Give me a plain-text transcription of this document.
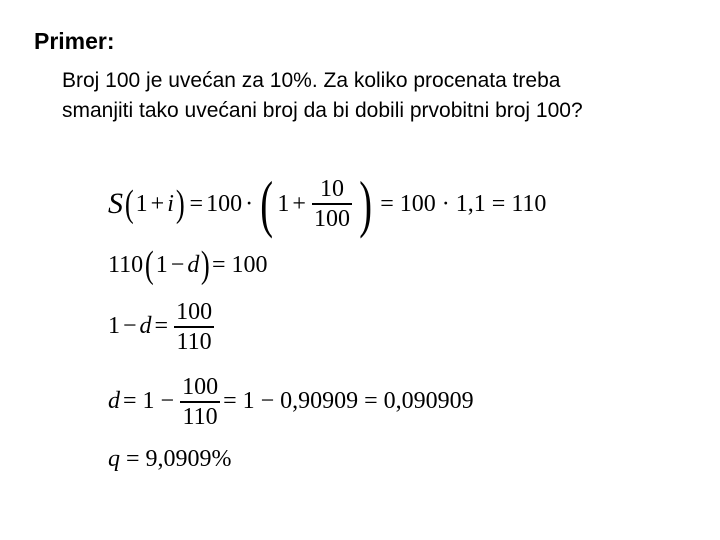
Primer:
Broj 100 je uvećan za 10%. Za koliko procenata treba
smanjiti tako uvećani broj da bi dobili prvobitni broj 100?
S ( 1 + i ) = 100 · ( $1 + \frac{10}{100}$ ) = 100 · 1,1 = 110
110 ( 1 − d ) = 100
$1 - d = \frac{100}{110}$
$d = 1 - \frac{100}{110} = 1 - 0,90909 = 0,090909$
q = 9,0909%
